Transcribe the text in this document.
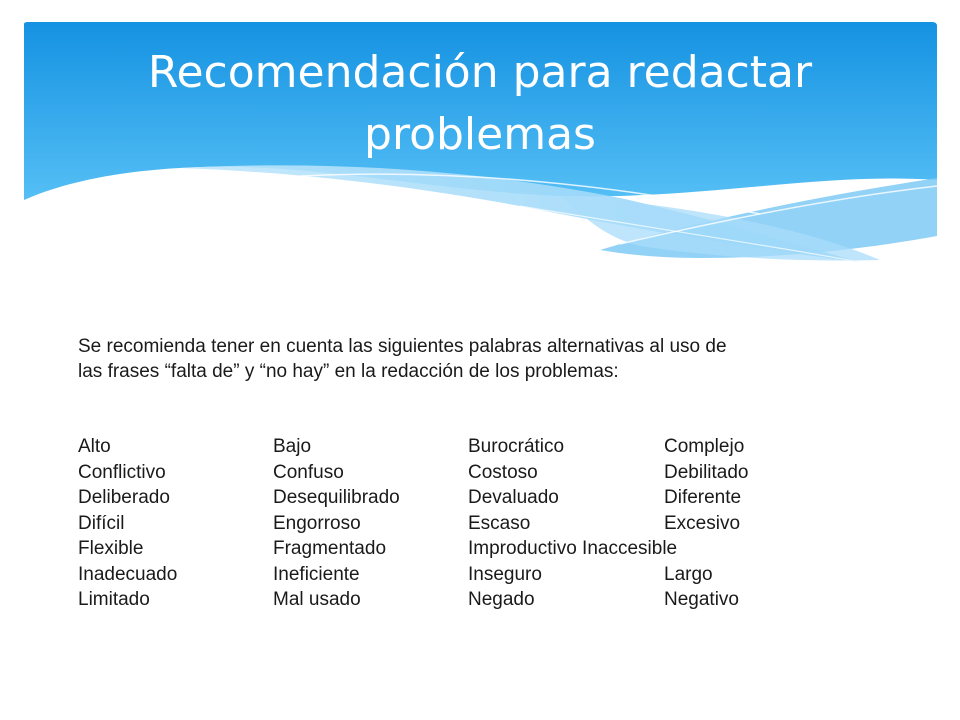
Recomendación para redactar problemas

Se recomienda tener en cuenta las siguientes palabras alternativas al uso de
las frases “falta de” y “no hay” en la redacción de los problemas:

Alto
Conflictivo
Deliberado
Difícil
Flexible
Inadecuado
Limitado
Bajo
Confuso
Desequilibrado
Engorroso
Fragmentado
Ineficiente
Mal usado
Burocrático
Costoso
Devaluado
Escaso
Improductivo Inaccesible
Inseguro
Negado
Complejo
Debilitado
Diferente
Excesivo

Largo
Negativo
